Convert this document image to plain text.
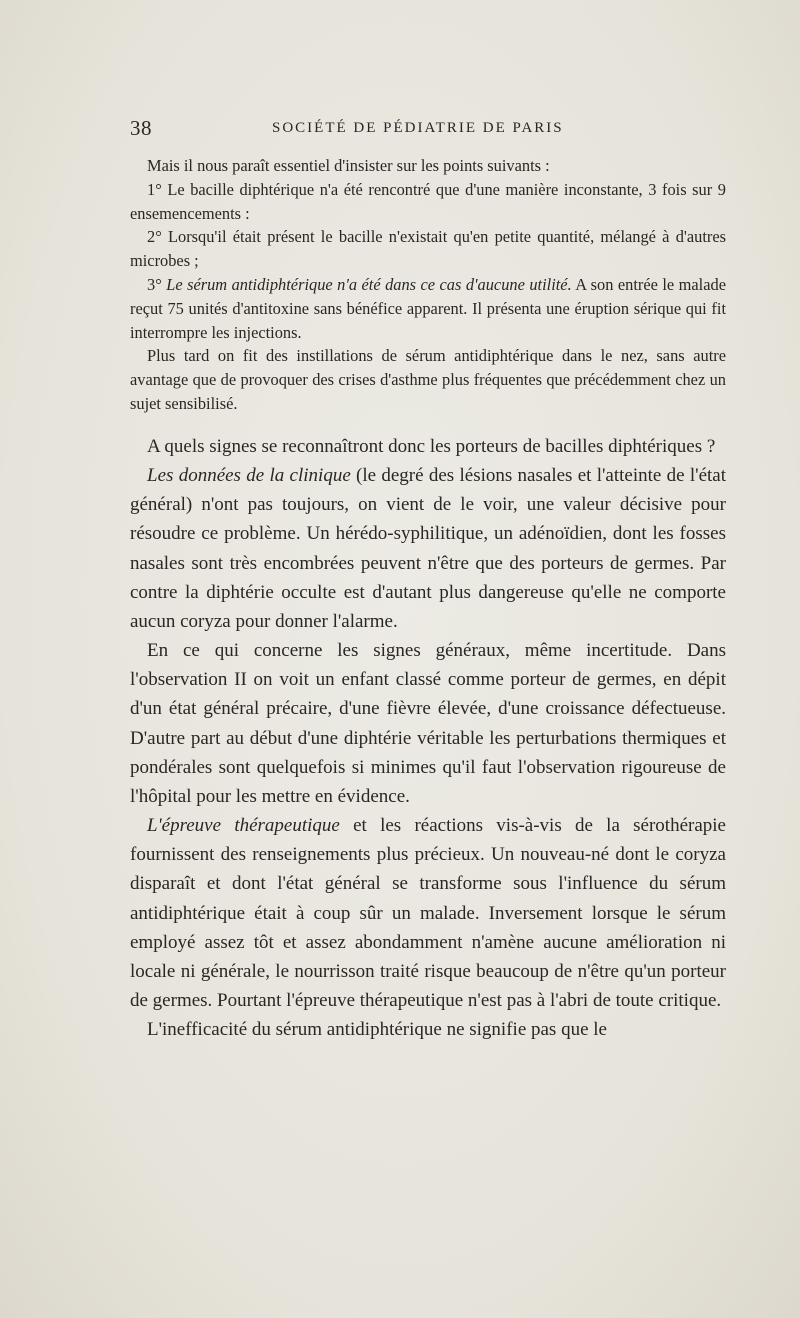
38	SOCIÉTÉ DE PÉDIATRIE DE PARIS

Mais il nous paraît essentiel d'insister sur les points suivants :

1° Le bacille diphtérique n'a été rencontré que d'une manière inconstante, 3 fois sur 9 ensemencements :

2° Lorsqu'il était présent le bacille n'existait qu'en petite quantité, mélangé à d'autres microbes ;

3° Le sérum antidiphtérique n'a été dans ce cas d'aucune utilité. A son entrée le malade reçut 75 unités d'antitoxine sans bénéfice apparent. Il présenta une éruption sérique qui fit interrompre les injections.

Plus tard on fit des instillations de sérum antidiphtérique dans le nez, sans autre avantage que de provoquer des crises d'asthme plus fréquentes que précédemment chez un sujet sensibilisé.

A quels signes se reconnaîtront donc les porteurs de bacilles diphtériques ?

Les données de la clinique (le degré des lésions nasales et l'atteinte de l'état général) n'ont pas toujours, on vient de le voir, une valeur décisive pour résoudre ce problème. Un hérédo-syphilitique, un adénoïdien, dont les fosses nasales sont très encombrées peuvent n'être que des porteurs de germes. Par contre la diphtérie occulte est d'autant plus dangereuse qu'elle ne comporte aucun coryza pour donner l'alarme.

En ce qui concerne les signes généraux, même incertitude. Dans l'observation II on voit un enfant classé comme porteur de germes, en dépit d'un état général précaire, d'une fièvre élevée, d'une croissance défectueuse. D'autre part au début d'une diphtérie véritable les perturbations thermiques et pondérales sont quelquefois si minimes qu'il faut l'observation rigoureuse de l'hôpital pour les mettre en évidence.

L'épreuve thérapeutique et les réactions vis-à-vis de la sérothérapie fournissent des renseignements plus précieux. Un nouveau-né dont le coryza disparaît et dont l'état général se transforme sous l'influence du sérum antidiphtérique était à coup sûr un malade. Inversement lorsque le sérum employé assez tôt et assez abondamment n'amène aucune amélioration ni locale ni générale, le nourrisson traité risque beaucoup de n'être qu'un porteur de germes. Pourtant l'épreuve thérapeutique n'est pas à l'abri de toute critique.

L'inefficacité du sérum antidiphtérique ne signifie pas que le
